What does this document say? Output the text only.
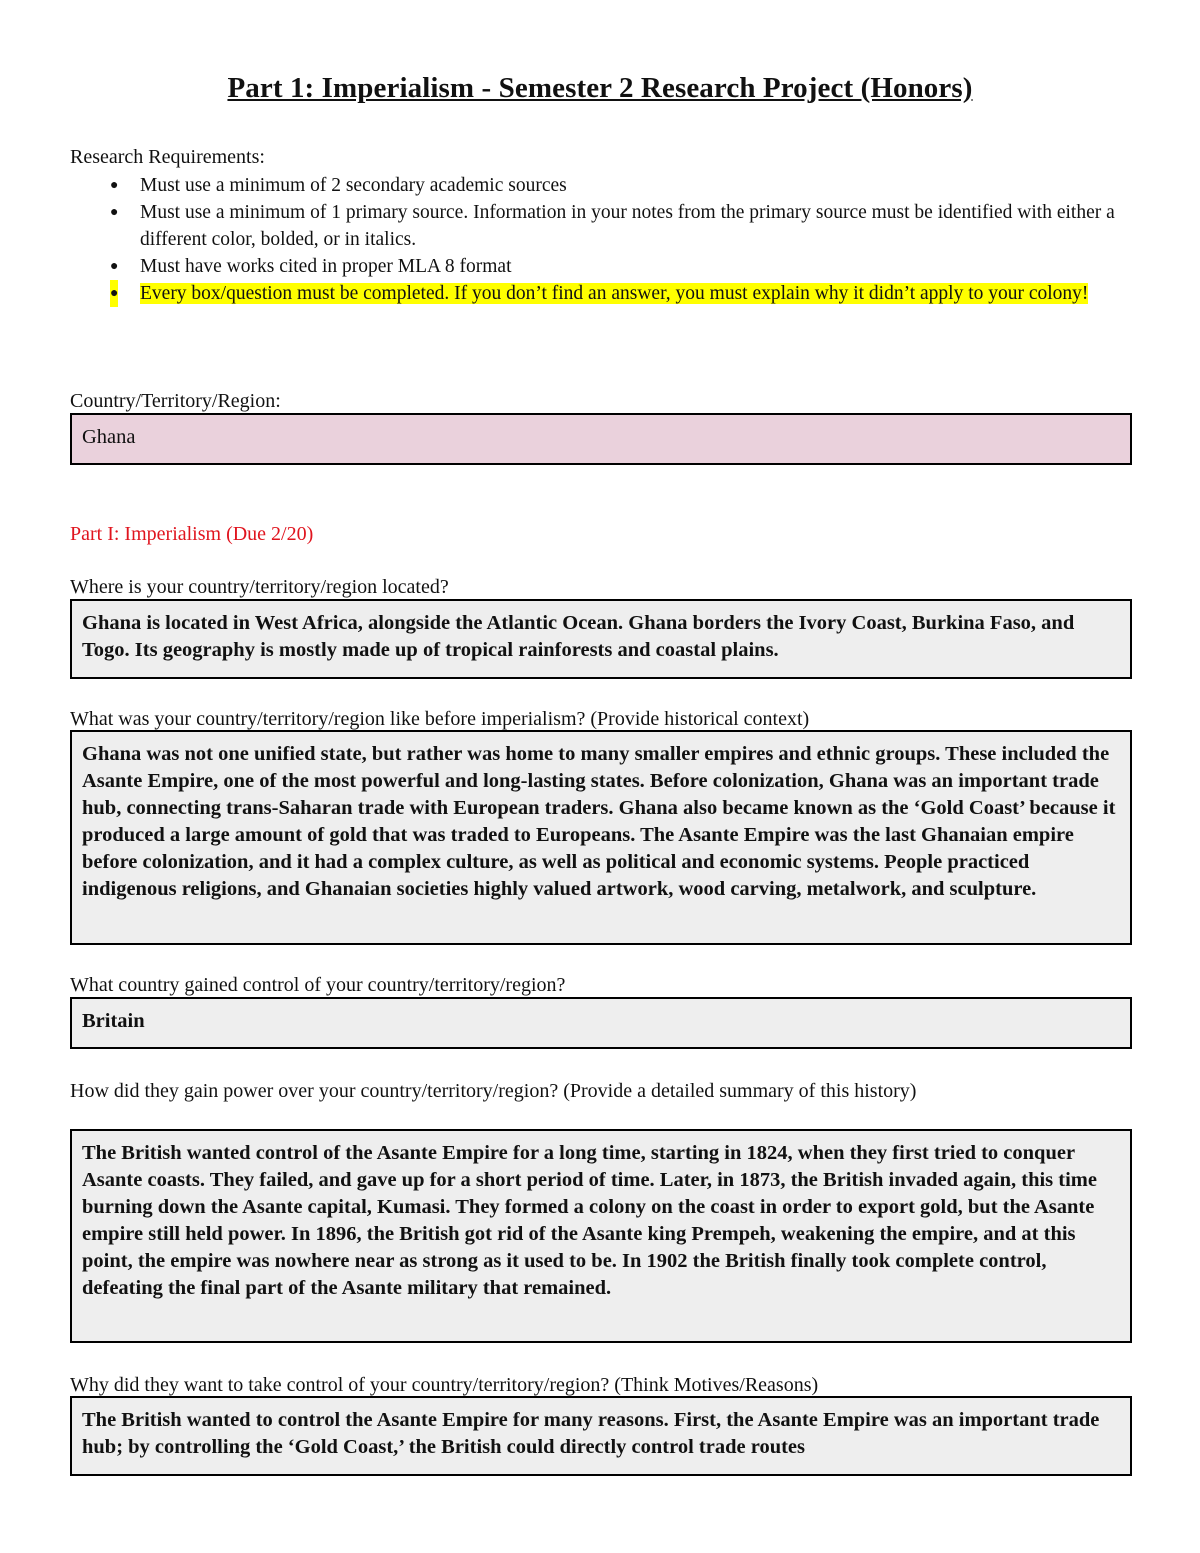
Part 1: Imperialism - Semester 2 Research Project (Honors)
Research Requirements:
● Must use a minimum of 2 secondary academic sources
● Must use a minimum of 1 primary source. Information in your notes from the primary source must be identified with either a different color, bolded, or in italics.
● Must have works cited in proper MLA 8 format
● Every box/question must be completed. If you don’t find an answer, you must explain why it didn’t apply to your colony!
Country/Territory/Region:
Ghana
Part I: Imperialism (Due 2/20)
Where is your country/territory/region located?
Ghana is located in West Africa, alongside the Atlantic Ocean. Ghana borders the Ivory Coast, Burkina Faso, and Togo. Its geography is mostly made up of tropical rainforests and coastal plains.
What was your country/territory/region like before imperialism? (Provide historical context)
Ghana was not one unified state, but rather was home to many smaller empires and ethnic groups. These included the Asante Empire, one of the most powerful and long-lasting states. Before colonization, Ghana was an important trade hub, connecting trans-Saharan trade with European traders. Ghana also became known as the ‘Gold Coast’ because it produced a large amount of gold that was traded to Europeans. The Asante Empire was the last Ghanaian empire before colonization, and it had a complex culture, as well as political and economic systems. People practiced indigenous religions, and Ghanaian societies highly valued artwork, wood carving, metalwork, and sculpture.
What country gained control of your country/territory/region?
Britain
How did they gain power over your country/territory/region? (Provide a detailed summary of this history)
The British wanted control of the Asante Empire for a long time, starting in 1824, when they first tried to conquer Asante coasts. They failed, and gave up for a short period of time. Later, in 1873, the British invaded again, this time burning down the Asante capital, Kumasi. They formed a colony on the coast in order to export gold, but the Asante empire still held power. In 1896, the British got rid of the Asante king Prempeh, weakening the empire, and at this point, the empire was nowhere near as strong as it used to be. In 1902 the British finally took complete control, defeating the final part of the Asante military that remained.
Why did they want to take control of your country/territory/region? (Think Motives/Reasons)
The British wanted to control the Asante Empire for many reasons. First, the Asante Empire was an important trade hub; by controlling the ‘Gold Coast,’ the British could directly control trade routes
